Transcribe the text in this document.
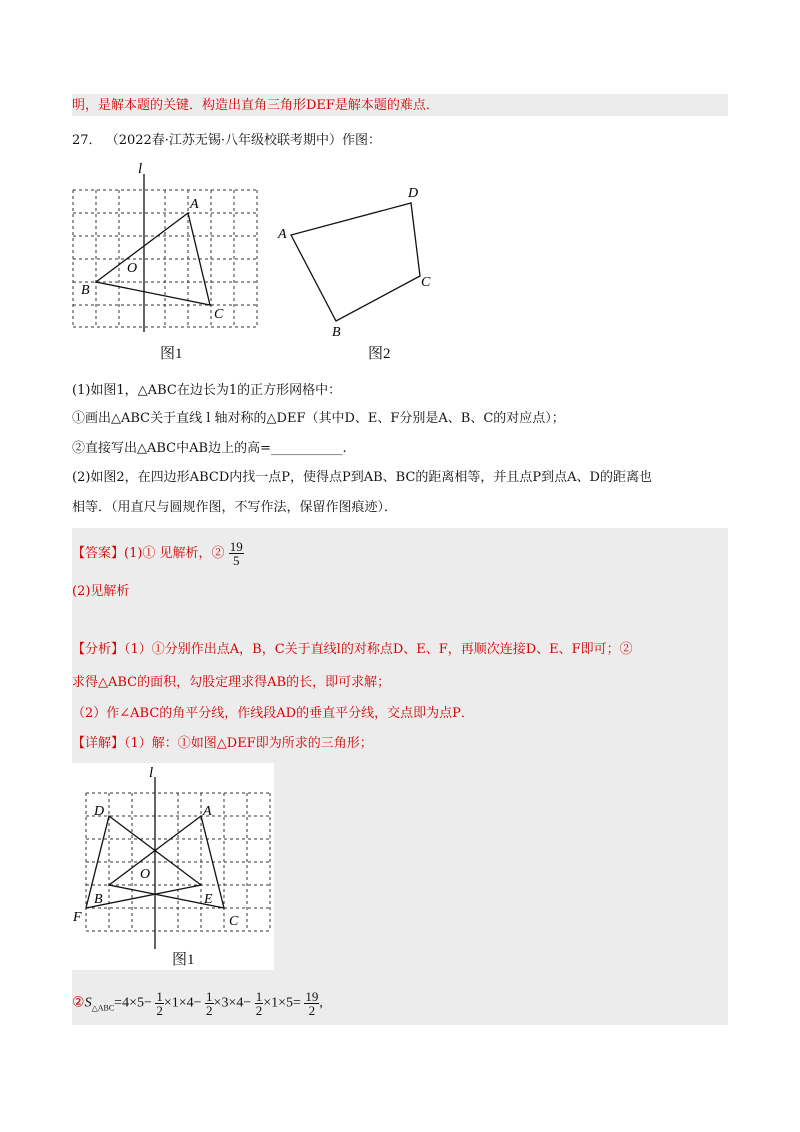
明，是解本题的关键．构造出直角三角形DEF是解本题的难点．
27． （2022春·江苏无锡·八年级校联考期中）作图：
l
A
B
C
O
图1
A
B
C
D
图2
(1)如图1，△ABC在边长为1的正方形网格中：
①画出△ABC关于直线 l 轴对称的△DEF（其中D、E、F分别是A、B、C的对应点）；
②直接写出△ABC中AB边上的高=___________.
(2)如图2，在四边形ABCD内找一点P，使得点P到AB、BC的距离相等，并且点P到点A、D的距离也
相等．（用直尺与圆规作图，不写作法，保留作图痕迹）．
【答案】(1)① 见解析，② $\frac{19}{5}$
(2)见解析
【分析】（1）①分别作出点A，B，C关于直线l的对称点D、E、F，再顺次连接D、E、F即可；②
求得△ABC的面积，勾股定理求得AB的长，即可求解；
（2）作∠ABC的角平分线，作线段AD的垂直平分线，交点即为点P．
【详解】（1）解：①如图△DEF即为所求的三角形；
l
D	A
O
B	E
F	C
图1
$②S_{\triangle ABC}=4\times 5- \frac{1}{2} \times 1\times 4- \frac{1}{2} \times 3\times 4- \frac{1}{2} \times 1\times 5= \frac{19}{2}$ ,
